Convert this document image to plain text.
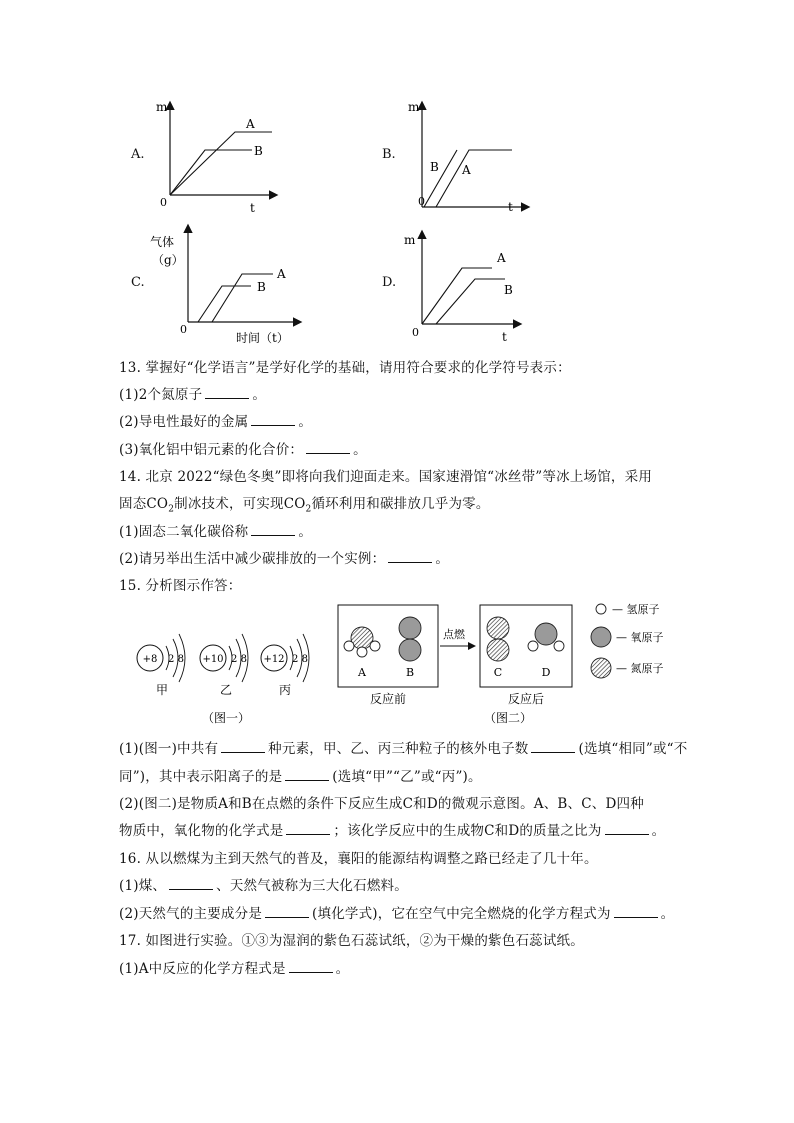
A.
m
t
0
A
B	B.
m
t
0
B A
C.
气体
（g）
时间（t）
0
A
B	D.
m
t
0
A
B
13. 掌握好“化学语言”是学好化学的基础，请用符合要求的化学符号表示：
(1)2个氮原子	。
(2)导电性最好的金属	。
(3)氧化铝中铝元素的化合价：	。
14. 北京 2022“绿色冬奥”即将向我们迎面走来。国家速滑馆“冰丝带”等冰上场馆，采用
固态$CO_2$制冰技术，可实现$CO_2$循环利用和碳排放几乎为零。
(1)固态二氧化碳俗称	。
(2)请另举出生活中减少碳排放的一个实例：	。
15. 分析图示作答：
+8 2 8
甲
+10 2 8
乙
+12 2 8
丙
（图一）
A	B
反应前
点燃
C	D
反应后
— 氢原子
— 氧原子
— 氮原子
（图二）
(1)(图一)中共有	种元素，甲、乙、丙三种粒子的核外电子数	(选填“相同”或“不
同”)，其中表示阳离子的是	(选填“甲”“乙”或“丙”)。
(2)(图二)是物质A和B在点燃的条件下反应生成C和D的微观示意图。A、B、C、D四种
物质中，氧化物的化学式是	；该化学反应中的生成物C和D的质量之比为	。
16. 从以燃煤为主到天然气的普及，襄阳的能源结构调整之路已经走了几十年。
(1)煤、	、天然气被称为三大化石燃料。
(2)天然气的主要成分是	(填化学式)，它在空气中完全燃烧的化学方程式为	。
17. 如图进行实验。①③为湿润的紫色石蕊试纸，②为干燥的紫色石蕊试纸。
(1)A中反应的化学方程式是	。
